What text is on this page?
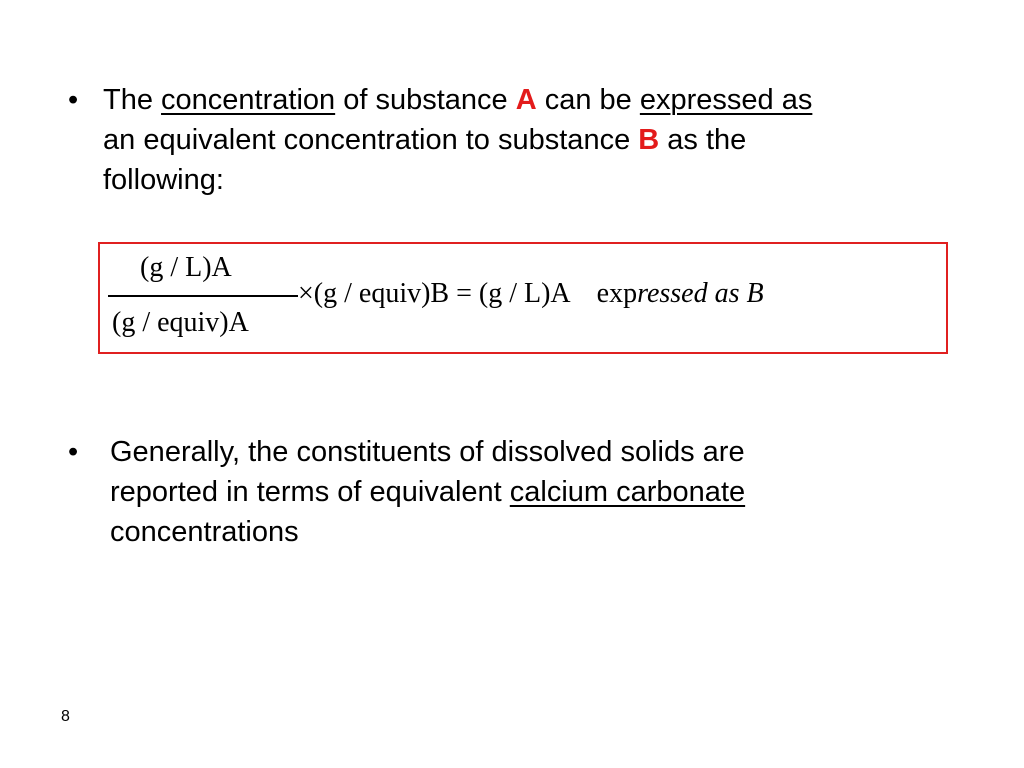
• The concentration of substance A can be expressed as
an equivalent concentration to substance B as the
following:
(g / L)A
(g / equiv)A
×(g / equiv)B = (g / L)A expressed as B
•	Generally, the constituents of dissolved solids are
reported in terms of equivalent calcium carbonate
concentrations
8
